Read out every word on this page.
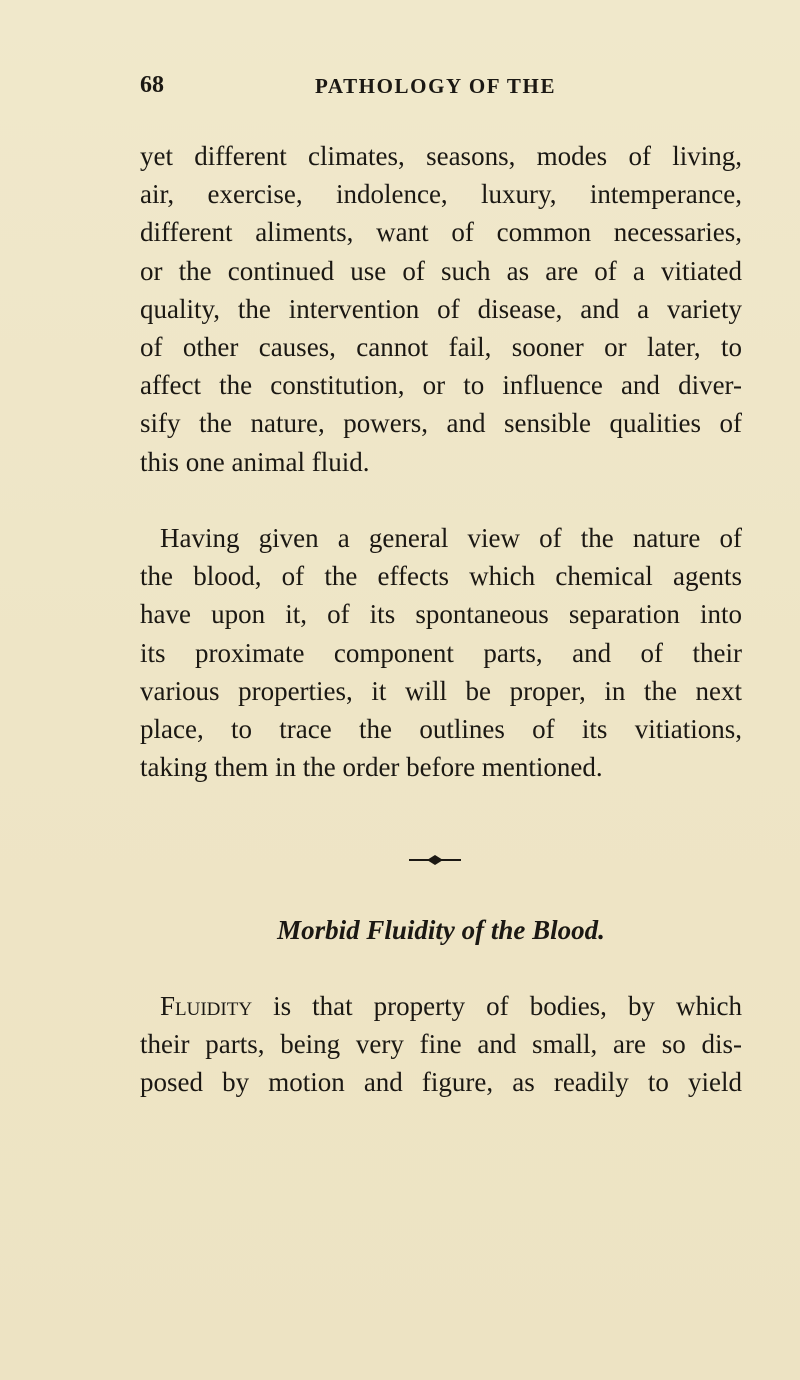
68	PATHOLOGY OF THE
yet different climates, seasons, modes of living,
air, exercise, indolence, luxury, intemperance,
different aliments, want of common necessaries,
or the continued use of such as are of a vitiated
quality, the intervention of disease, and a variety
of other causes, cannot fail, sooner or later, to
affect the constitution, or to influence and diver-
sify the nature, powers, and sensible qualities of
this one animal fluid.
Having given a general view of the nature of
the blood, of the effects which chemical agents
have upon it, of its spontaneous separation into
its proximate component parts, and of their
various properties, it will be proper, in the next
place, to trace the outlines of its vitiations,
taking them in the order before mentioned.
Morbid Fluidity of the Blood.
Fluidity is that property of bodies, by which
their parts, being very fine and small, are so dis-
posed by motion and figure, as readily to yield
